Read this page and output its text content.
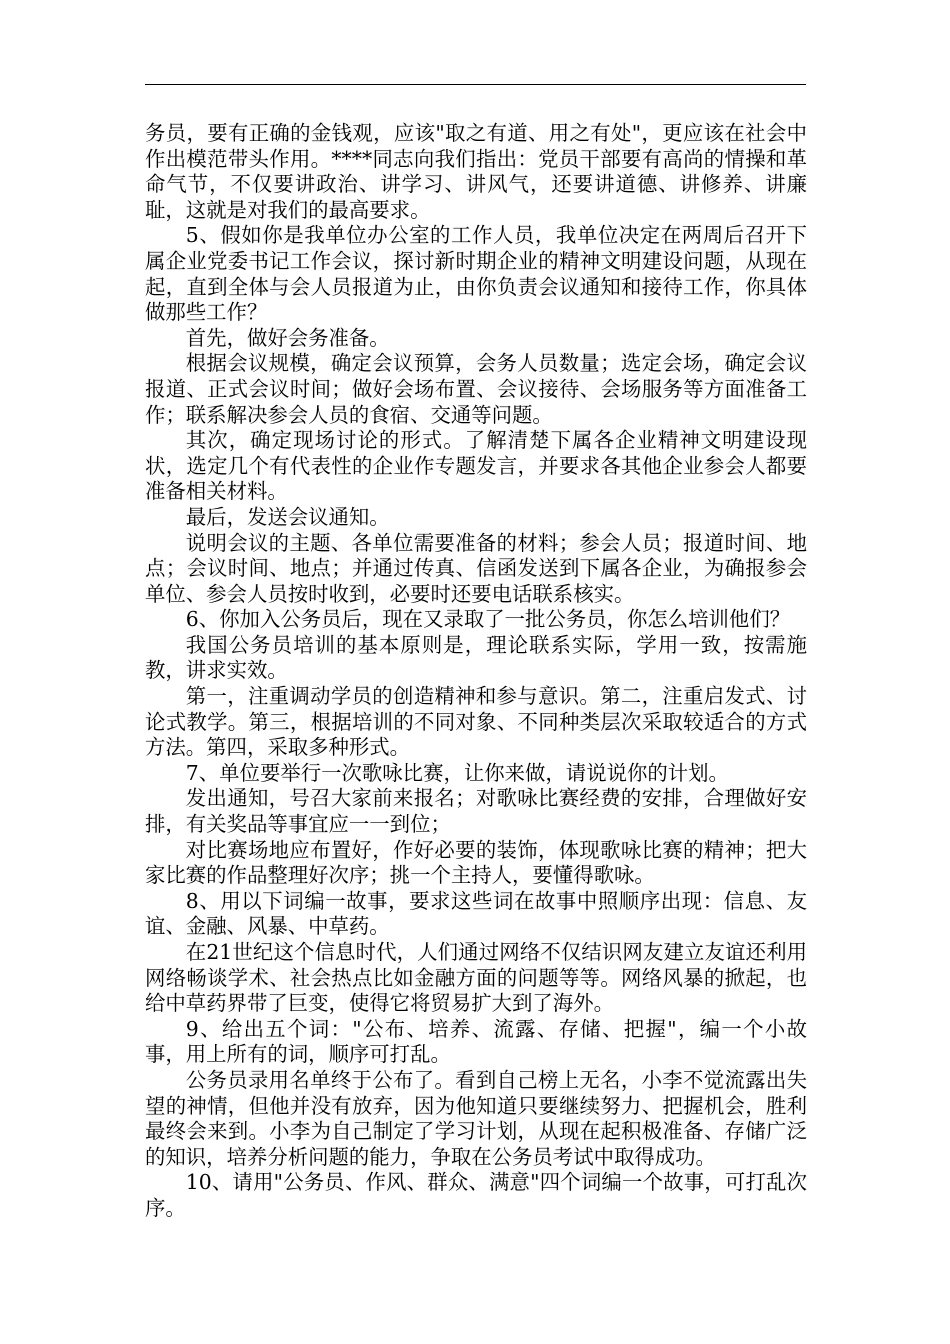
务员，要有正确的金钱观，应该"取之有道、用之有处"，更应该在社会中作出模范带头作用。****同志向我们指出：党员干部要有高尚的情操和革命气节，不仅要讲政治、讲学习、讲风气，还要讲道德、讲修养、讲廉耻，这就是对我们的最高要求。

5、假如你是我单位办公室的工作人员，我单位决定在两周后召开下属企业党委书记工作会议，探讨新时期企业的精神文明建设问题，从现在起，直到全体与会人员报道为止，由你负责会议通知和接待工作，你具体做那些工作？

首先，做好会务准备。

根据会议规模，确定会议预算，会务人员数量；选定会场，确定会议报道、正式会议时间；做好会场布置、会议接待、会场服务等方面准备工作；联系解决参会人员的食宿、交通等问题。

其次，确定现场讨论的形式。了解清楚下属各企业精神文明建设现状，选定几个有代表性的企业作专题发言，并要求各其他企业参会人都要准备相关材料。

最后，发送会议通知。

说明会议的主题、各单位需要准备的材料；参会人员；报道时间、地点；会议时间、地点；并通过传真、信函发送到下属各企业，为确报参会单位、参会人员按时收到，必要时还要电话联系核实。

6、你加入公务员后，现在又录取了一批公务员，你怎么培训他们？

我国公务员培训的基本原则是，理论联系实际，学用一致，按需施教，讲求实效。

第一，注重调动学员的创造精神和参与意识。第二，注重启发式、讨论式教学。第三，根据培训的不同对象、不同种类层次采取较适合的方式方法。第四，采取多种形式。

7、单位要举行一次歌咏比赛，让你来做，请说说你的计划。

发出通知，号召大家前来报名；对歌咏比赛经费的安排，合理做好安排，有关奖品等事宜应一一到位；

对比赛场地应布置好，作好必要的装饰，体现歌咏比赛的精神；把大家比赛的作品整理好次序；挑一个主持人，要懂得歌咏。

8、用以下词编一故事，要求这些词在故事中照顺序出现：信息、友谊、金融、风暴、中草药。

在21世纪这个信息时代，人们通过网络不仅结识网友建立友谊还利用网络畅谈学术、社会热点比如金融方面的问题等等。网络风暴的掀起，也给中草药界带了巨变，使得它将贸易扩大到了海外。

9、给出五个词："公布、培养、流露、存储、把握"，编一个小故事，用上所有的词，顺序可打乱。

公务员录用名单终于公布了。看到自己榜上无名，小李不觉流露出失望的神情，但他并没有放弃，因为他知道只要继续努力、把握机会，胜利最终会来到。小李为自己制定了学习计划，从现在起积极准备、存储广泛的知识，培养分析问题的能力，争取在公务员考试中取得成功。

10、请用"公务员、作风、群众、满意"四个词编一个故事，可打乱次序。
